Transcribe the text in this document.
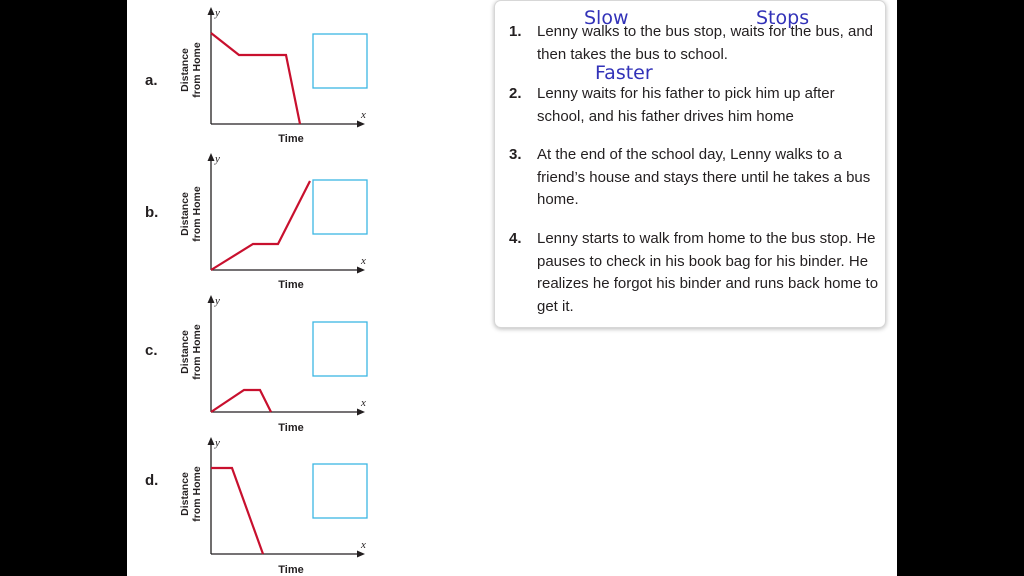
a. Distance from Home
y
x
Time
b. Distance from Home
y
x
Time
c. Distance from Home
y
x
Time
d. Distance from Home
y
x
Time
1. Lenny walks to the bus stop, waits for the bus, and then takes the bus to school.
2. Lenny waits for his father to pick him up after school, and his father drives him home
3. At the end of the school day, Lenny walks to a friend’s house and stays there until he takes a bus home.
4. Lenny starts to walk from home to the bus stop. He pauses to check in his book bag for his binder. He realizes he forgot his binder and runs back home to get it.
Slow	Stops
Faster
